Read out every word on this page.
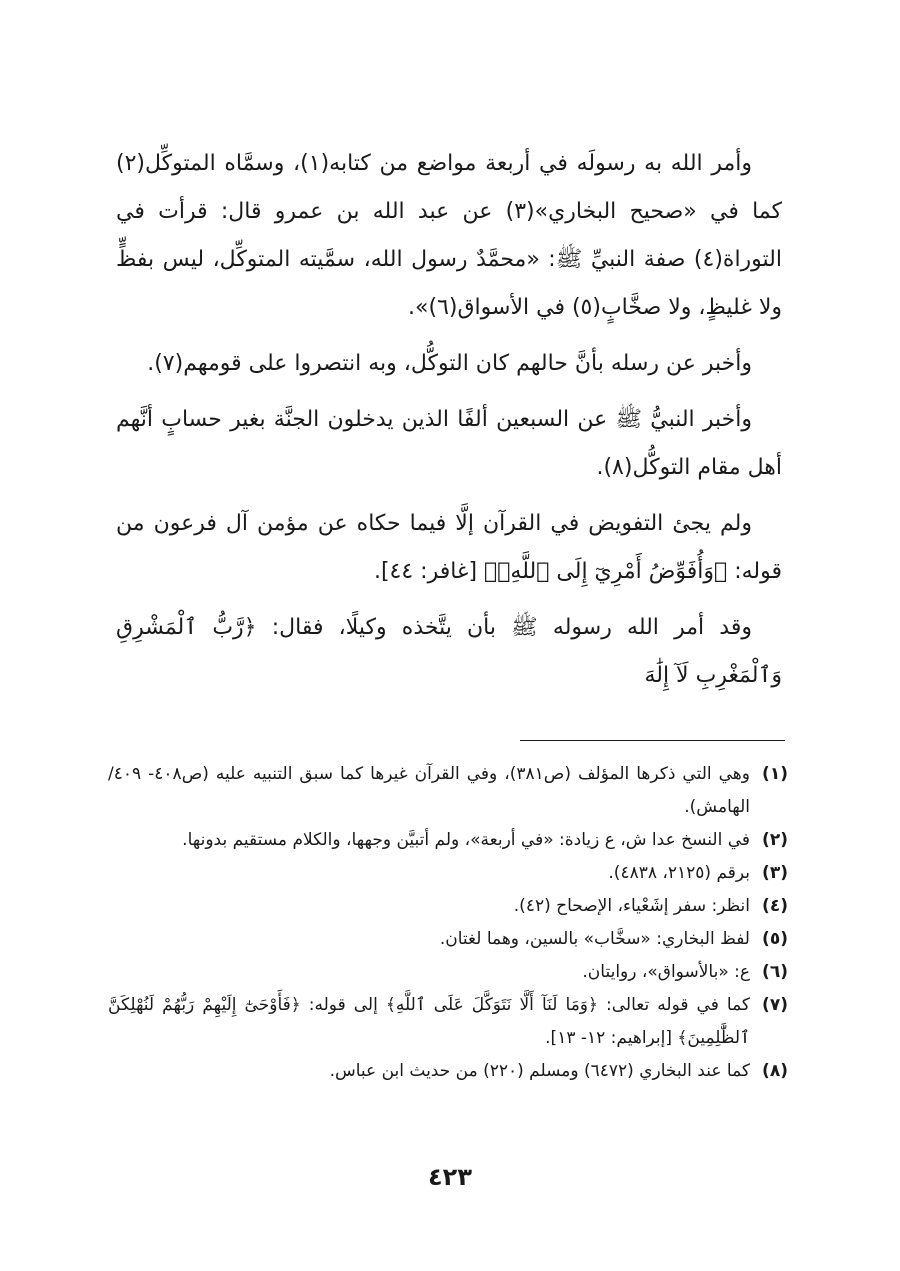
وأمر الله به رسولَه في أربعة مواضع من كتابه(١)، وسمَّاه المتوكِّل(٢) كما في «صحيح البخاري»(٣) عن عبد الله بن عمرو قال: قرأت في التوراة(٤) صفة النبيِّ ﷺ: «محمَّدٌ رسول الله، سمَّيته المتوكِّل، ليس بفظٍّ ولا غليظٍ، ولا صخَّابٍ(٥) في الأسواق(٦)».

وأخبر عن رسله بأنَّ حالهم كان التوكُّل، وبه انتصروا على قومهم(٧).

وأخبر النبيُّ ﷺ عن السبعين ألفًا الذين يدخلون الجنَّة بغير حسابٍ أنَّهم أهل مقام التوكُّل(٨).

ولم يجئ التفويض في القرآن إلَّا فيما حكاه عن مؤمن آل فرعون من قوله: ﴿وَأُفَوِّضُ أَمْرِيٓ إِلَى ٱللَّهِۚ﴾ [غافر: ٤٤].

وقد أمر الله رسوله ﷺ بأن يتَّخذه وكيلًا، فقال: ﴿رَّبُّ ٱلْمَشْرِقِ وَٱلْمَغْرِبِ لَآ إِلَٰهَ

(١)
وهي التي ذكرها المؤلف (ص٣٨١)، وفي القرآن غيرها كما سبق التنبيه عليه (ص٤٠٨- ٤٠٩/ الهامش).
(٢)
في النسخ عدا ش، ع زيادة: «في أربعة»، ولم أتبيَّن وجهها، والكلام مستقيم بدونها.
(٣)
برقم (٢١٢٥، ٤٨٣٨).
(٤)
انظر: سفر إشَعْياء، الإصحاح (٤٢).
(٥)
لفظ البخاري: «سخَّاب» بالسين، وهما لغتان.
(٦)
ع: «بالأسواق»، روايتان.
(٧)
كما في قوله تعالى: ﴿وَمَا لَنَآ أَلَّا نَتَوَكَّلَ عَلَى ٱللَّهِ﴾ إلى قوله: ﴿فَأَوْحَىٰٓ إِلَيْهِمْ رَبُّهُمْ لَنُهْلِكَنَّ ٱلظَّٰلِمِينَ﴾ [إبراهيم: ١٢- ١٣].
(٨)
كما عند البخاري (٦٤٧٢) ومسلم (٢٢٠) من حديث ابن عباس.
٤٢٣
